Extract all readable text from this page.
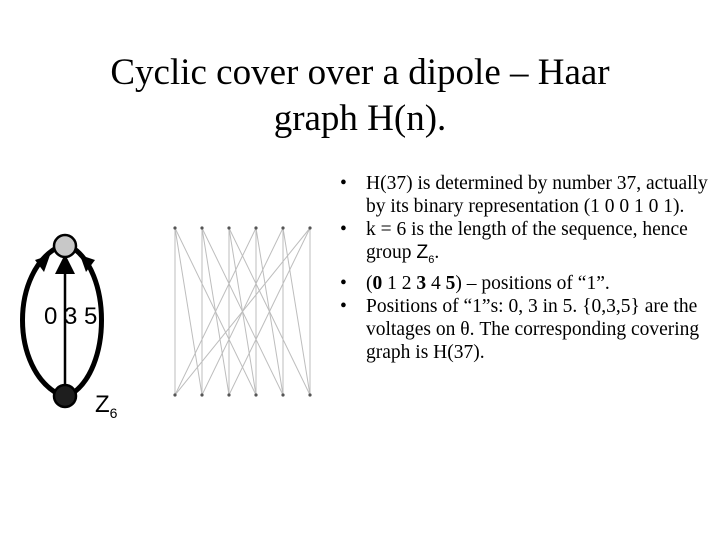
Cyclic cover over a dipole – Haar
graph H(n).
0 3 5
$Z_6$
• H(37) is determined by number 37, actually by its binary representation (1 0 0 1 0 1).
• k = 6 is the length of the sequence, hence group $Z_6$.
• (0 1 2 3 4 5) – positions of “1”.
• Positions of “1”s: 0, 3 in 5. {0,3,5} are the voltages on θ. The corresponding covering graph is H(37).
